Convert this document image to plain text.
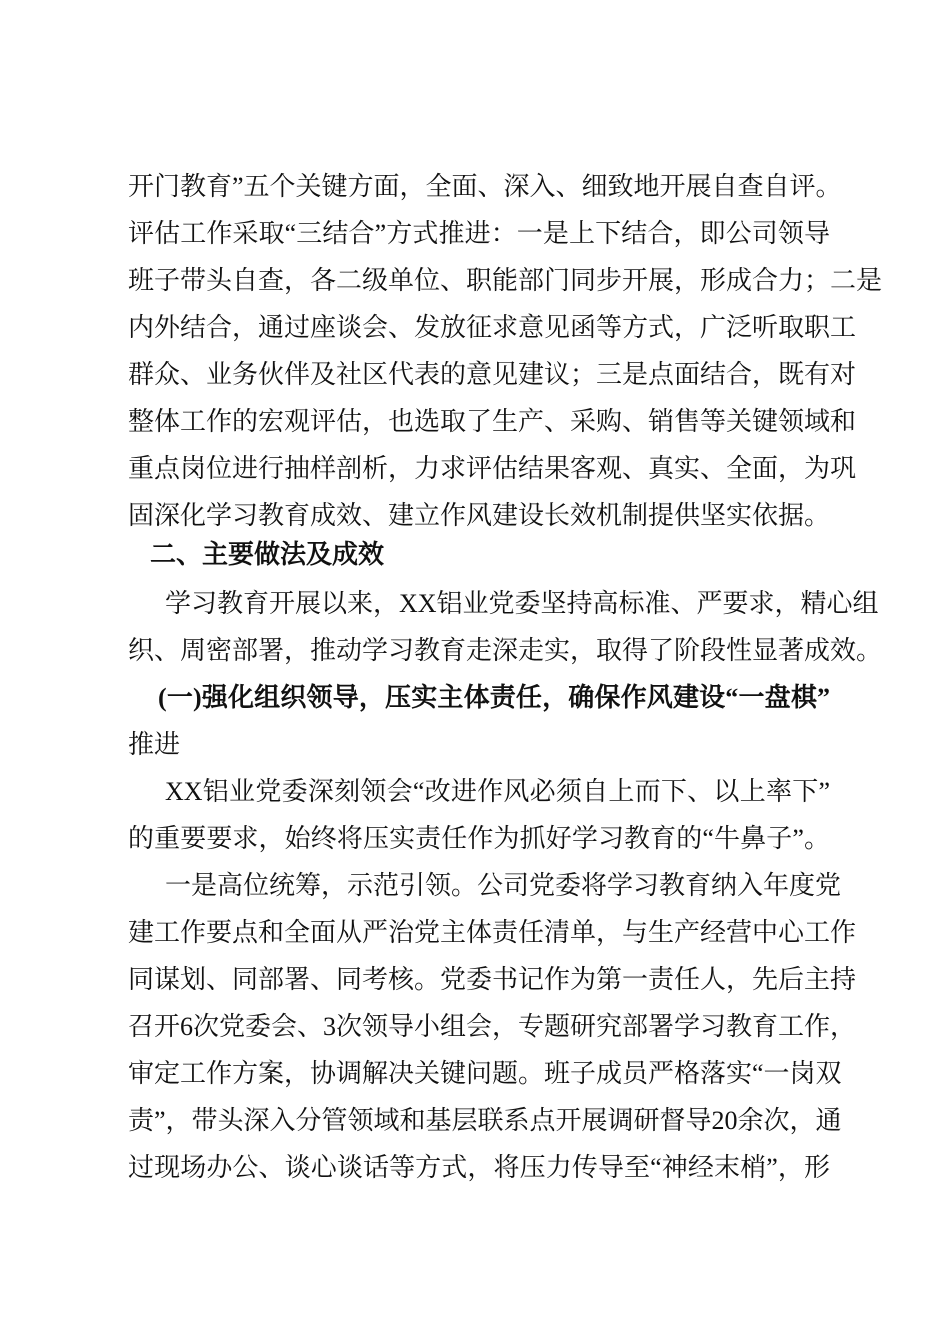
开门教育”五个关键方面，全面、深入、细致地开展自查自评。
评估工作采取“三结合”方式推进：一是上下结合，即公司领导
班子带头自查，各二级单位、职能部门同步开展，形成合力；二是
内外结合，通过座谈会、发放征求意见函等方式，广泛听取职工
群众、业务伙伴及社区代表的意见建议；三是点面结合，既有对
整体工作的宏观评估，也选取了生产、采购、销售等关键领域和
重点岗位进行抽样剖析，力求评估结果客观、真实、全面，为巩
固深化学习教育成效、建立作风建设长效机制提供坚实依据。
二、主要做法及成效
学习教育开展以来，XX铝业党委坚持高标准、严要求，精心组
织、周密部署，推动学习教育走深走实，取得了阶段性显著成效。
(一)强化组织领导，压实主体责任，确保作风建设“一盘棋”
推进
XX铝业党委深刻领会“改进作风必须自上而下、以上率下”
的重要要求，始终将压实责任作为抓好学习教育的“牛鼻子”。
一是高位统筹，示范引领。公司党委将学习教育纳入年度党
建工作要点和全面从严治党主体责任清单，与生产经营中心工作
同谋划、同部署、同考核。党委书记作为第一责任人，先后主持
召开6次党委会、3次领导小组会，专题研究部署学习教育工作，
审定工作方案，协调解决关键问题。班子成员严格落实“一岗双
责”，带头深入分管领域和基层联系点开展调研督导20余次，通
过现场办公、谈心谈话等方式，将压力传导至“神经末梢”，形
